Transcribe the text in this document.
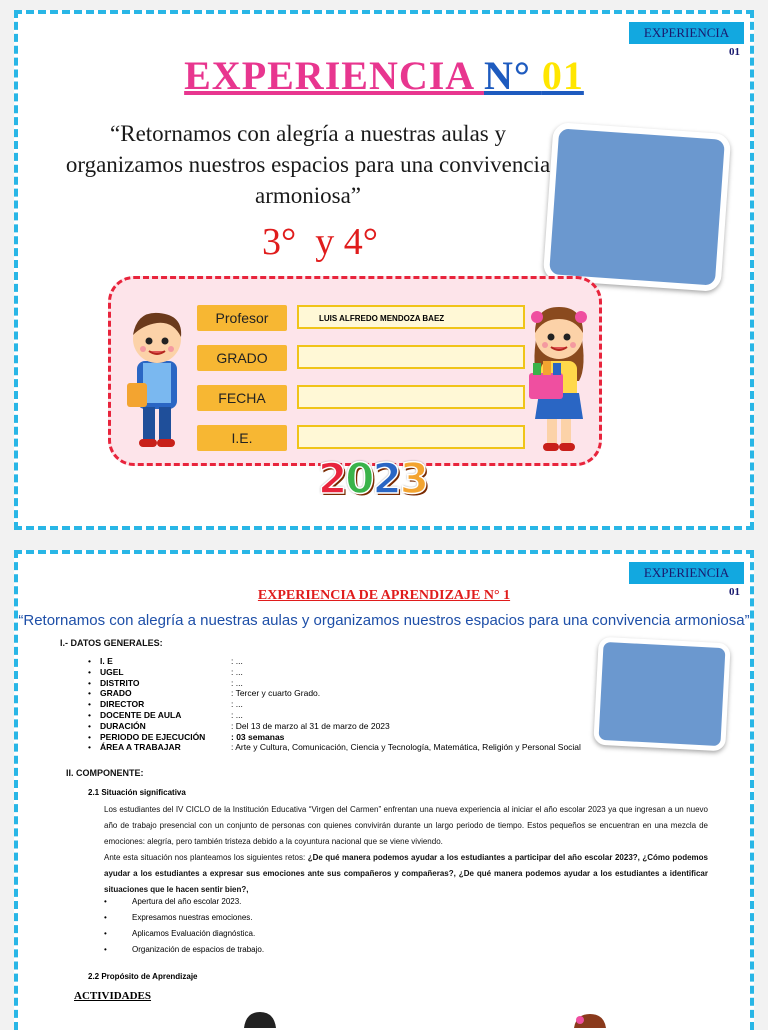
EXPERIENCIA
01
EXPERIENCIA N° 01
“Retornamos con alegría a nuestras aulas y organizamos nuestros espacios para una convivencia armoniosa”
3°  y 4°
Profesor	LUIS ALFREDO MENDOZA BAEZ
GRADO
FECHA
I.E.
2023
EXPERIENCIA
01
EXPERIENCIA DE APRENDIZAJE N° 1
“Retornamos con alegría a nuestras aulas y organizamos nuestros espacios para una convivencia armoniosa”
I.- DATOS GENERALES:
• I. E	: ...
• UGEL	: ...
• DISTRITO	: ...
• GRADO	: Tercer y cuarto Grado.
• DIRECTOR	: ...
• DOCENTE DE AULA	: ...
• DURACIÓN	: Del 13 de marzo al 31 de marzo de 2023
• PERIODO DE EJECUCIÓN	: 03 semanas
• ÁREA A TRABAJAR	: Arte y Cultura, Comunicación, Ciencia y Tecnología, Matemática, Religión y Personal Social
II. COMPONENTE:
2.1 Situación significativa
Los estudiantes del IV CICLO de la Institución Educativa “Virgen del Carmen” enfrentan una nueva experiencia al iniciar el año escolar 2023 ya que ingresan a un nuevo año de trabajo presencial con un conjunto de personas con quienes convivirán durante un largo periodo de tiempo. Estos pequeños se encuentran en una mezcla de emociones: alegría, pero también tristeza debido a la coyuntura nacional que se viene viviendo.
Ante esta situación nos planteamos los siguientes retos: ¿De qué manera podemos ayudar a los estudiantes a participar del año escolar 2023?, ¿Cómo podemos ayudar a los estudiantes a expresar sus emociones ante sus compañeros y compañeras?, ¿De qué manera podemos ayudar a los estudiantes a identificar situaciones que le hacen sentir bien?,
•	Apertura del año escolar 2023.
•	Expresamos nuestras emociones.
•	Aplicamos Evaluación diagnóstica.
•	Organización de espacios de trabajo.
2.2 Propósito de Aprendizaje
ACTIVIDADES
